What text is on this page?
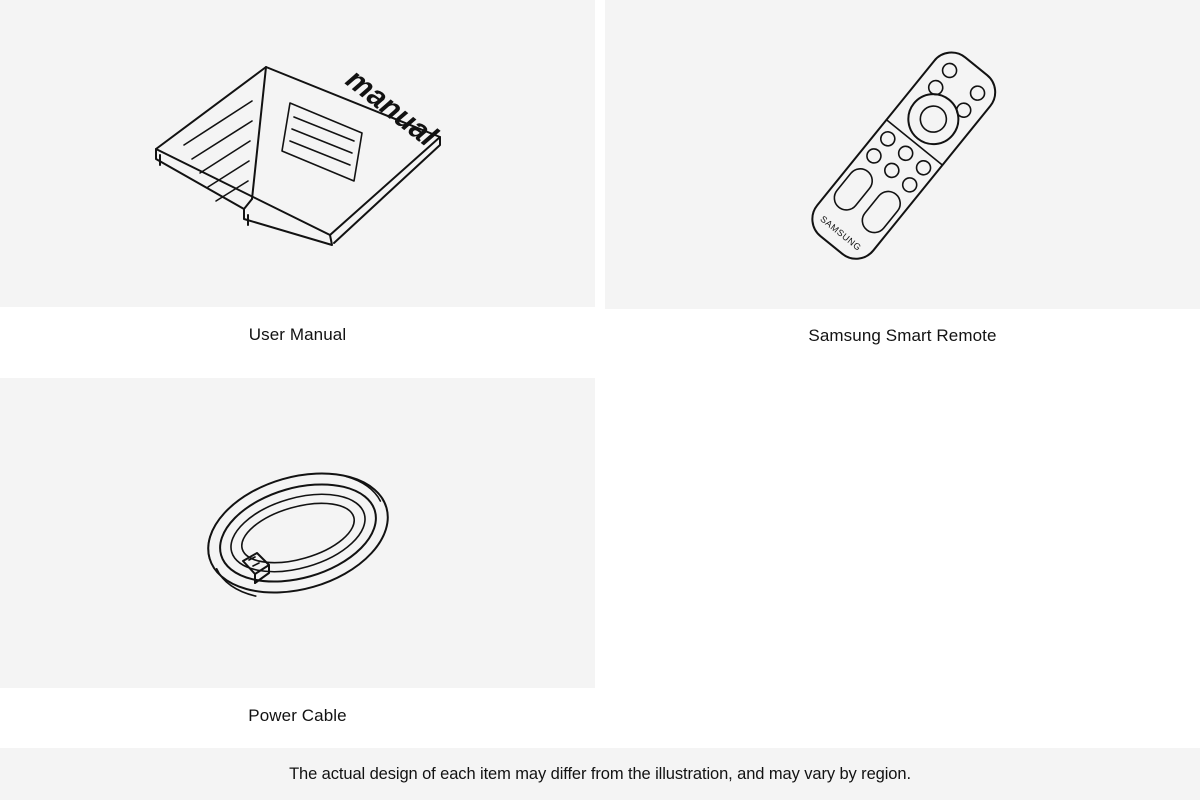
manual
User Manual
SAMSUNG
Samsung Smart Remote
Power Cable
The actual design of each item may differ from the illustration, and may vary by region.
